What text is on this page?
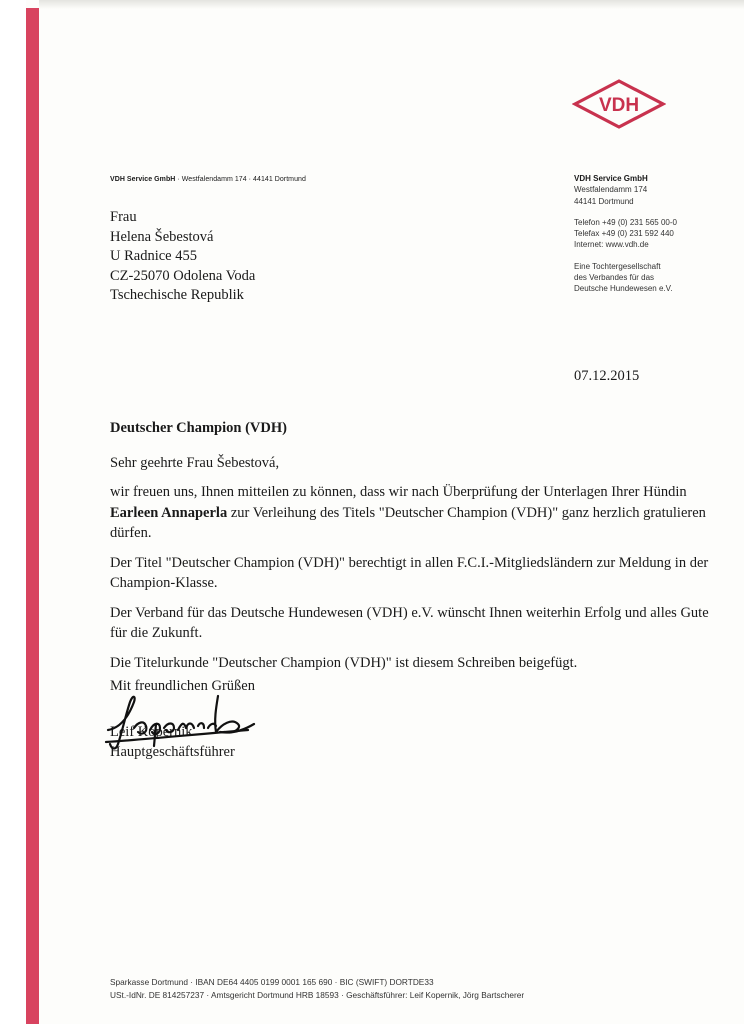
VDH
VDH Service GmbH · Westfalendamm 174 · 44141 Dortmund
Frau
Helena Šebestová
U Radnice 455
CZ-25070 Odolena Voda
Tschechische Republik
VDH Service GmbH
Westfalendamm 174
44141 Dortmund
Telefon +49 (0) 231 565 00-0
Telefax +49 (0) 231 592 440
Internet: www.vdh.de
Eine Tochtergesellschaft
des Verbandes für das
Deutsche Hundewesen e.V.
07.12.2015
Deutscher Champion (VDH)
Sehr geehrte Frau Šebestová,

wir freuen uns, Ihnen mitteilen zu können, dass wir nach Überprüfung der Unterlagen Ihrer Hündin Earleen Annaperla zur Verleihung des Titels "Deutscher Champion (VDH)" ganz herzlich gratulieren dürfen.

Der Titel "Deutscher Champion (VDH)" berechtigt in allen F.C.I.-Mitgliedsländern zur Meldung in der Champion-Klasse.

Der Verband für das Deutsche Hundewesen (VDH) e.V. wünscht Ihnen weiterhin Erfolg und alles Gute für die Zukunft.

Die Titelurkunde "Deutscher Champion (VDH)" ist diesem Schreiben beigefügt.

Mit freundlichen Grüßen
Leif Kopernik
Hauptgeschäftsführer
Sparkasse Dortmund · IBAN DE64 4405 0199 0001 165 690 · BIC (SWIFT) DORTDE33
USt.-IdNr. DE 814257237 · Amtsgericht Dortmund HRB 18593 · Geschäftsführer: Leif Kopernik, Jörg Bartscherer
